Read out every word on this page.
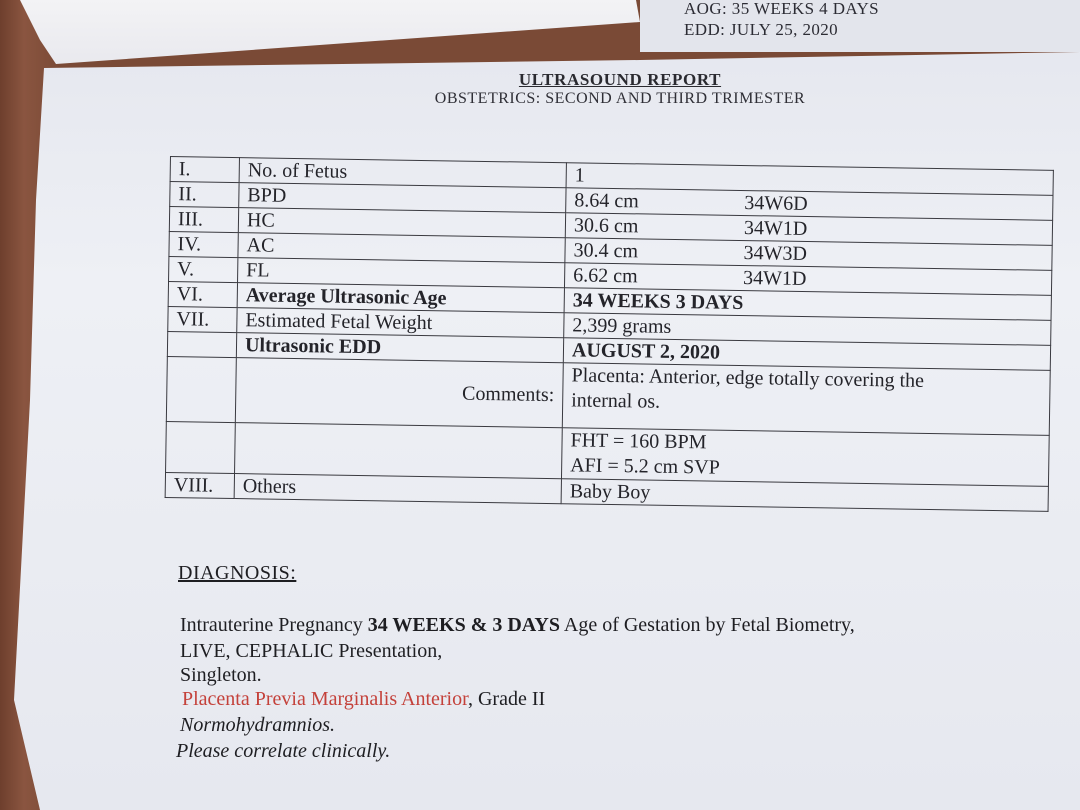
AOG: 35 WEEKS 4 DAYS
EDD: JULY 25, 2020
ULTRASOUND REPORT
OBSTETRICS: SECOND AND THIRD TRIMESTER
I.	No. of Fetus	1
II.	BPD	8.64 cm 34W6D
III.	HC	30.6 cm 34W1D
IV.	AC	30.4 cm 34W3D
V.	FL	6.62 cm 34W1D
VI.	Average Ultrasonic Age	34 WEEKS 3 DAYS
VII.	Estimated Fetal Weight	2,399 grams
	Ultrasonic EDD	AUGUST 2, 2020
	Comments:	Placenta: Anterior, edge totally covering the
internal os.

		FHT = 160 BPM
AFI = 5.2 cm SVP

VIII.	Others	Baby Boy
DIAGNOSIS:
Intrauterine Pregnancy 34 WEEKS & 3 DAYS Age of Gestation by Fetal Biometry,
LIVE, CEPHALIC Presentation,
Singleton.
Placenta Previa Marginalis Anterior, Grade II
Normohydramnios.
Please correlate clinically.
